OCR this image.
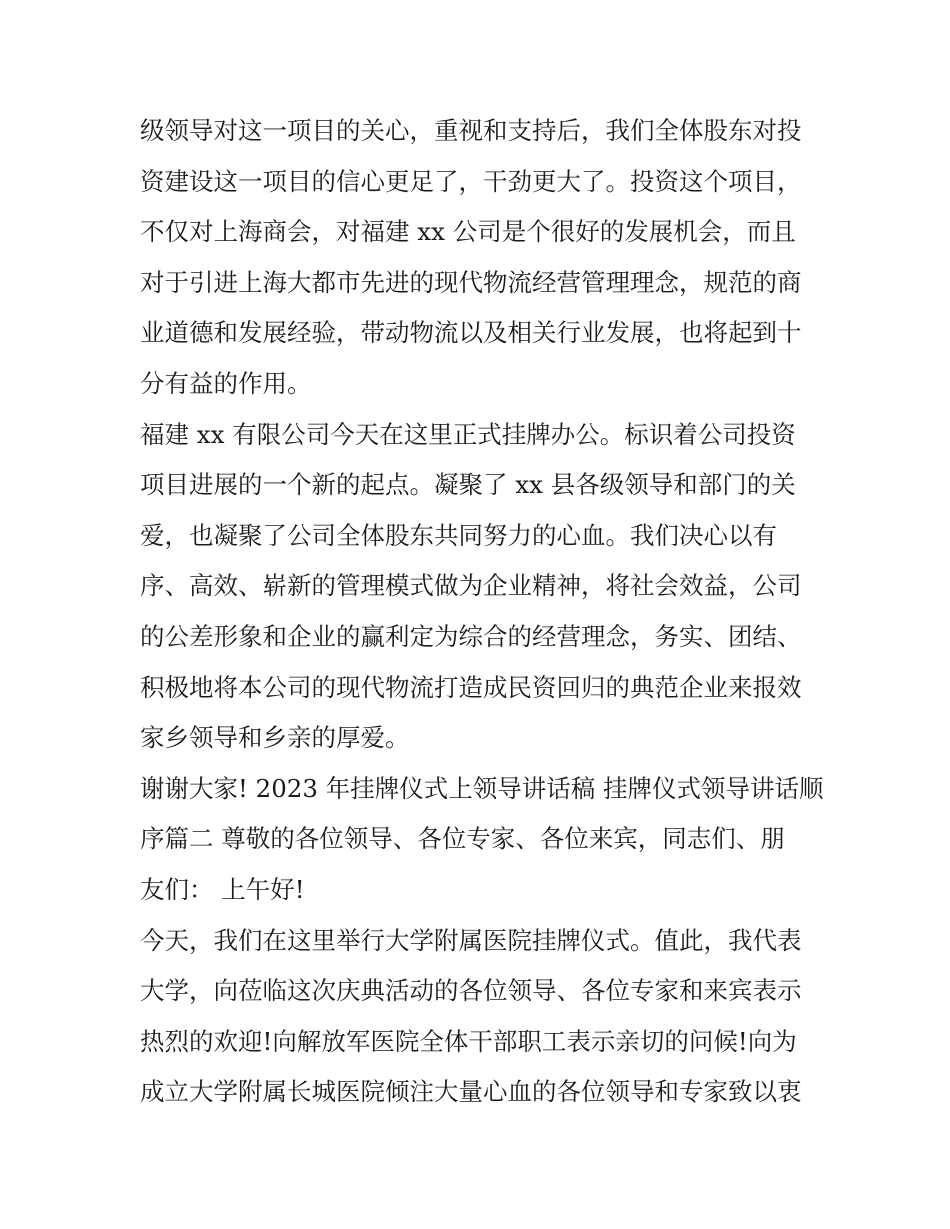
级领导对这一项目的关心，重视和支持后，我们全体股东对投
资建设这一项目的信心更足了，干劲更大了。投资这个项目，
不仅对上海商会，对福建 xx 公司是个很好的发展机会，而且
对于引进上海大都市先进的现代物流经营管理理念，规范的商
业道德和发展经验，带动物流以及相关行业发展，也将起到十
分有益的作用。
福建 xx 有限公司今天在这里正式挂牌办公。标识着公司投资
项目进展的一个新的起点。凝聚了 xx 县各级领导和部门的关
爱，也凝聚了公司全体股东共同努力的心血。我们决心以有
序、高效、崭新的管理模式做为企业精神，将社会效益，公司
的公差形象和企业的赢利定为综合的经营理念，务实、团结、
积极地将本公司的现代物流打造成民资回归的典范企业来报效
家乡领导和乡亲的厚爱。
谢谢大家! 2023 年挂牌仪式上领导讲话稿 挂牌仪式领导讲话顺
序篇二 尊敬的各位领导、各位专家、各位来宾，同志们、朋
友们： 上午好!
今天，我们在这里举行大学附属医院挂牌仪式。值此，我代表
大学，向莅临这次庆典活动的各位领导、各位专家和来宾表示
热烈的欢迎!向解放军医院全体干部职工表示亲切的问候!向为
成立大学附属长城医院倾注大量心血的各位领导和专家致以衷
